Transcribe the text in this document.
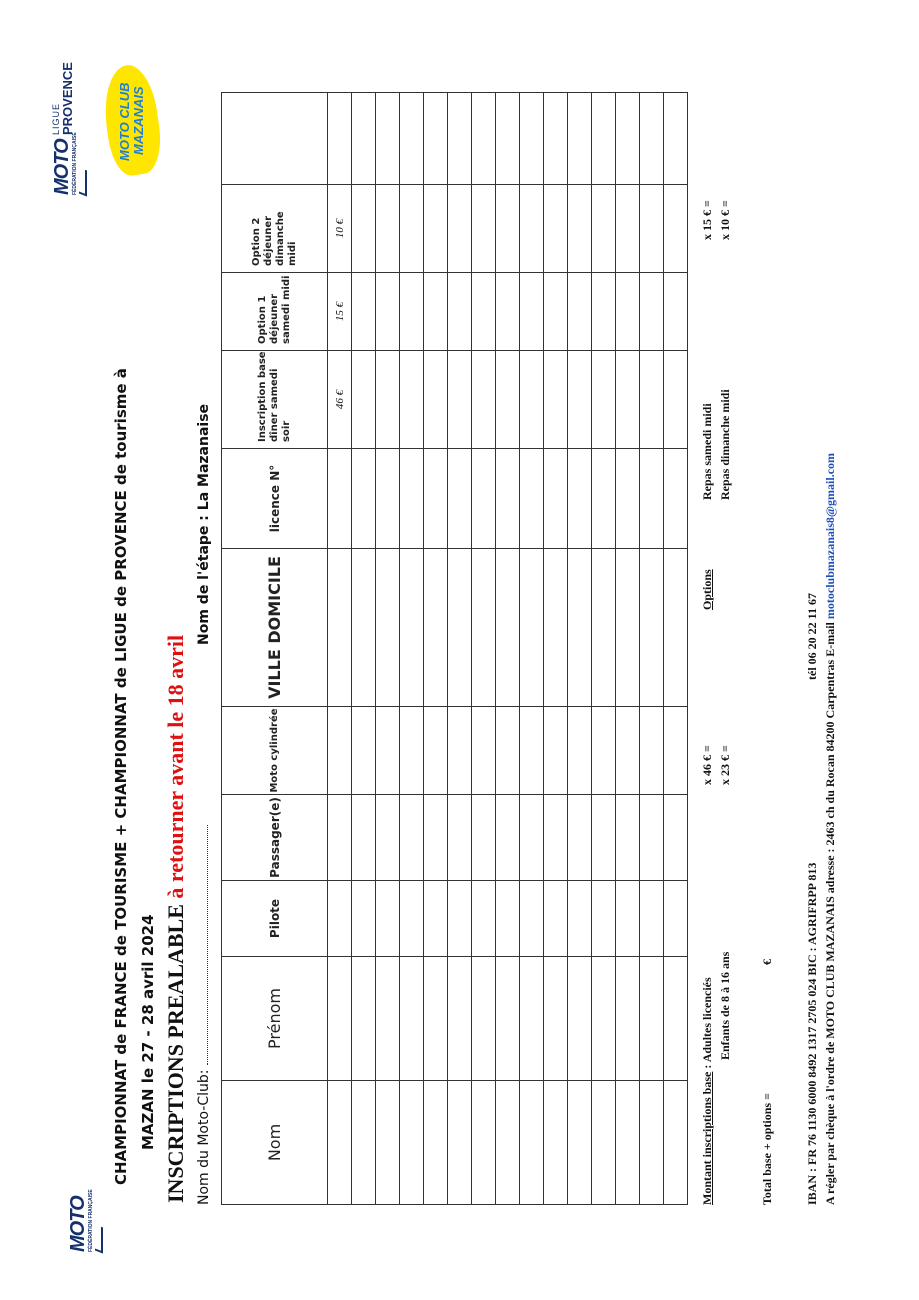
MOTO FÉDÉRATION FRANÇAISE
MOTO FÉDÉRATION FRANÇAISE
LIGUE PROVENCE	MOTO CLUB MAZANAIS
CHAMPIONNAT de FRANCE de TOURISME + CHAMPIONNAT de LIGUE de PROVENCE de tourisme à MAZAN le 27 - 28 avril 2024 INSCRIPTIONS PREALABLE à retourner avant le 18 avril
Nom du Moto-Club:
Nom de l'étape : La Mazanaise
Nom	Prénom	Pilote	Passager(e)	Moto cylindrée	VILLE DOMICILE	licence N°	Inscription base dîner samedi soir	Option 1 déjeuner samedi midi	Option 2 déjeuner dimanche midi	
							46 €	15 €	10 €	

Montant inscriptions base : Adultes licenciés Enfants de 8 à 16 ans
x 46 € = x 23 € =
Options
Repas samedi midi Repas dimanche midi
x 15 € = x 10 € =
Total base + options =
€	IBAN : FR 76 1130 6000 8492 1317 2705 024 BIC : AGRIFRPP 813
tél 06 20 22 11 67 A régler par chèque à l'ordre de MOTO CLUB MAZANAIS adresse : 2463 ch du Rocan 84200 Carpentras E-mail motoclubmazanais8@gmail.com
